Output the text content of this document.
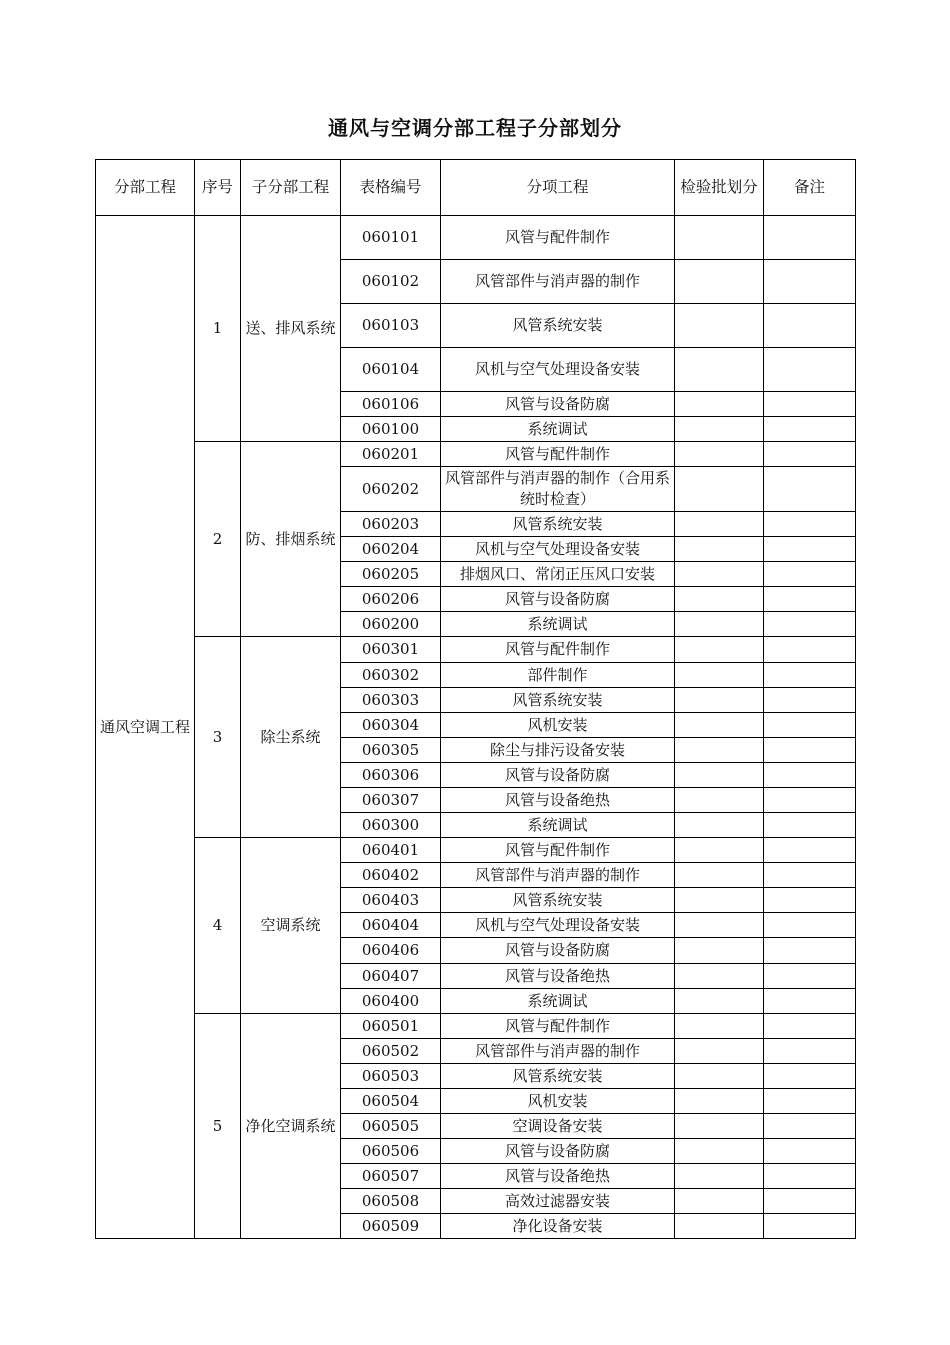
通风与空调分部工程子分部划分
分部工程	序号	子分部工程	表格编号	分项工程	检验批划分	备注
通风空调工程	1	送、排风系统	060101	风管与配件制作		
			060102	风管部件与消声器的制作		
			060103	风管系统安装		
			060104	风机与空气处理设备安装		
			060106	风管与设备防腐		
			060100	系统调试		
	2	防、排烟系统	060201	风管与配件制作		
			060202	风管部件与消声器的制作（合用系统时检查）		
			060203	风管系统安装		
			060204	风机与空气处理设备安装		
			060205	排烟风口、常闭正压风口安装		
			060206	风管与设备防腐		
			060200	系统调试		
	3	除尘系统	060301	风管与配件制作		
			060302	部件制作		
			060303	风管系统安装		
			060304	风机安装		
			060305	除尘与排污设备安装		
			060306	风管与设备防腐		
			060307	风管与设备绝热		
			060300	系统调试		
	4	空调系统	060401	风管与配件制作		
			060402	风管部件与消声器的制作		
			060403	风管系统安装		
			060404	风机与空气处理设备安装		
			060406	风管与设备防腐		
			060407	风管与设备绝热		
			060400	系统调试		
	5	净化空调系统	060501	风管与配件制作		
			060502	风管部件与消声器的制作		
			060503	风管系统安装		
			060504	风机安装		
			060505	空调设备安装		
			060506	风管与设备防腐		
			060507	风管与设备绝热		
			060508	高效过滤器安装		
			060509	净化设备安装		
